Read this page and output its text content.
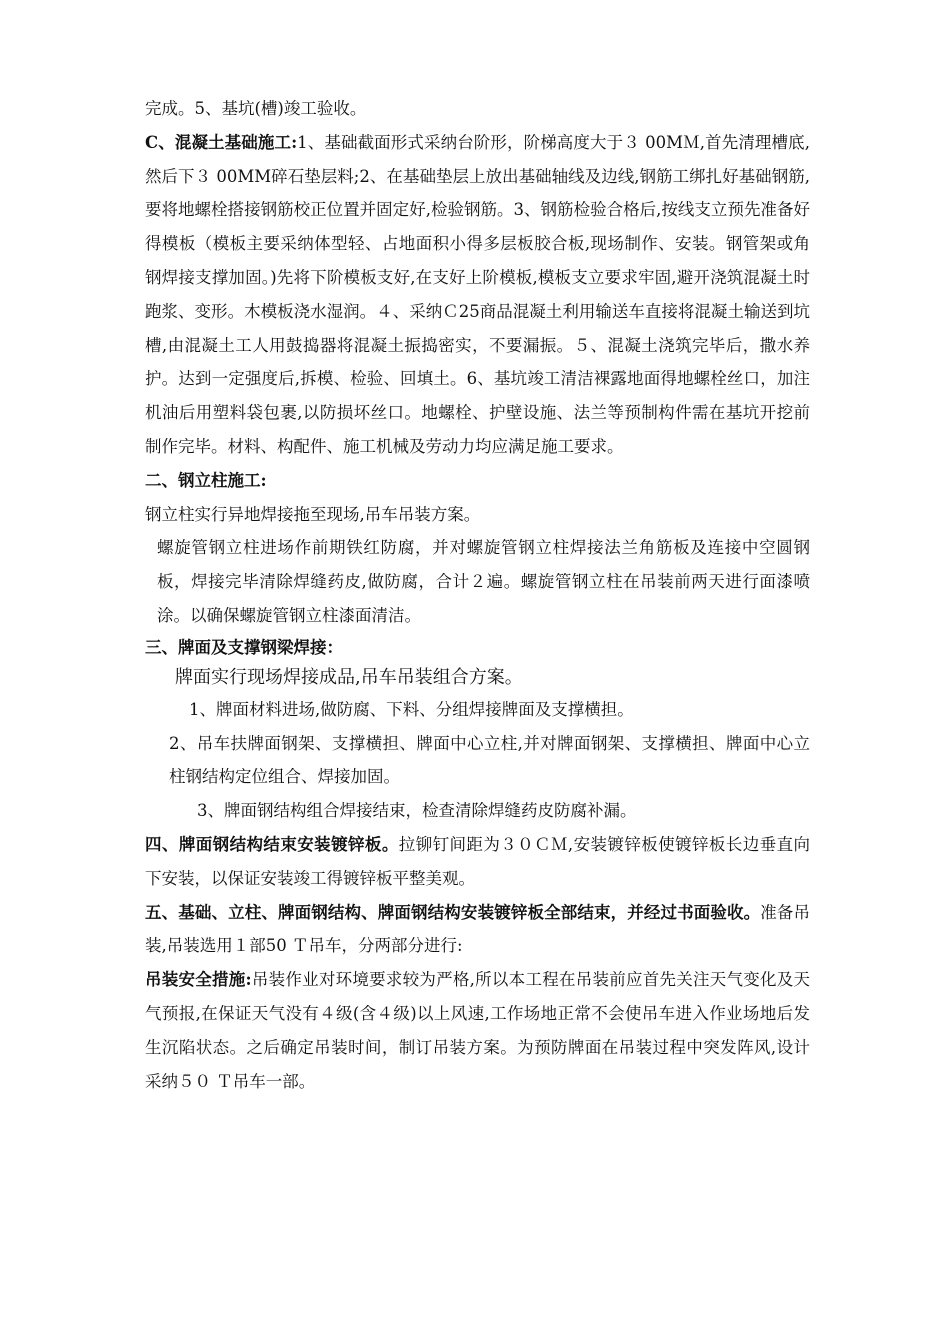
完成。5、基坑(槽)竣工验收。

C、混凝土基础施工:1、基础截面形式采纳台阶形，阶梯高度大于３ 00MＭ,首先清理槽底,然后下３ 00MM碎石垫层料;2、在基础垫层上放出基础轴线及边线,钢筋工绑扎好基础钢筋,要将地螺栓搭接钢筋校正位置并固定好,检验钢筋。3、钢筋检验合格后,按线支立预先准备好得模板（模板主要采纳体型轻、占地面积小得多层板胶合板,现场制作、安装。钢管架或角钢焊接支撑加固。)先将下阶模板支好,在支好上阶模板,模板支立要求牢固,避开浇筑混凝土时跑浆、变形。木模板浇水湿润。４、采纳Ｃ25商品混凝土利用输送车直接将混凝土输送到坑槽,由混凝土工人用鼓捣器将混凝土振捣密实，不要漏振。５、混凝土浇筑完毕后，撒水养护。达到一定强度后,拆模、检验、回填土。6、基坑竣工清洁裸露地面得地螺栓丝口，加注机油后用塑料袋包裹,以防损坏丝口。地螺栓、护壁设施、法兰等预制构件需在基坑开挖前制作完毕。材料、构配件、施工机械及劳动力均应满足施工要求。

二、钢立柱施工:

钢立柱实行异地焊接拖至现场,吊车吊装方案。

螺旋管钢立柱进场作前期铁红防腐，并对螺旋管钢立柱焊接法兰角筋板及连接中空圆钢板，焊接完毕清除焊缝药皮,做防腐，合计２遍。螺旋管钢立柱在吊装前两天进行面漆喷涂。以确保螺旋管钢立柱漆面清洁。

三、牌面及支撑钢梁焊接：

牌面实行现场焊接成品,吊车吊装组合方案。

1、牌面材料进场,做防腐、下料、分组焊接牌面及支撑横担。

2、吊车扶牌面钢架、支撑横担、牌面中心立柱,并对牌面钢架、支撑横担、牌面中心立柱钢结构定位组合、焊接加固。

3、牌面钢结构组合焊接结束，检查清除焊缝药皮防腐补漏。

四、牌面钢结构结束安装镀锌板。拉铆钉间距为３０ＣＭ,安装镀锌板使镀锌板长边垂直向下安装，以保证安装竣工得镀锌板平整美观。

五、基础、立柱、牌面钢结构、牌面钢结构安装镀锌板全部结束，并经过书面验收。准备吊装,吊装选用１部50 Ｔ吊车，分两部分进行:

吊装安全措施:吊装作业对环境要求较为严格,所以本工程在吊装前应首先关注天气变化及天气预报,在保证天气没有４级(含４级)以上风速,工作场地正常不会使吊车进入作业场地后发生沉陷状态。之后确定吊装时间，制订吊装方案。为预防牌面在吊装过程中突发阵风,设计采纳５０ Ｔ吊车一部。
